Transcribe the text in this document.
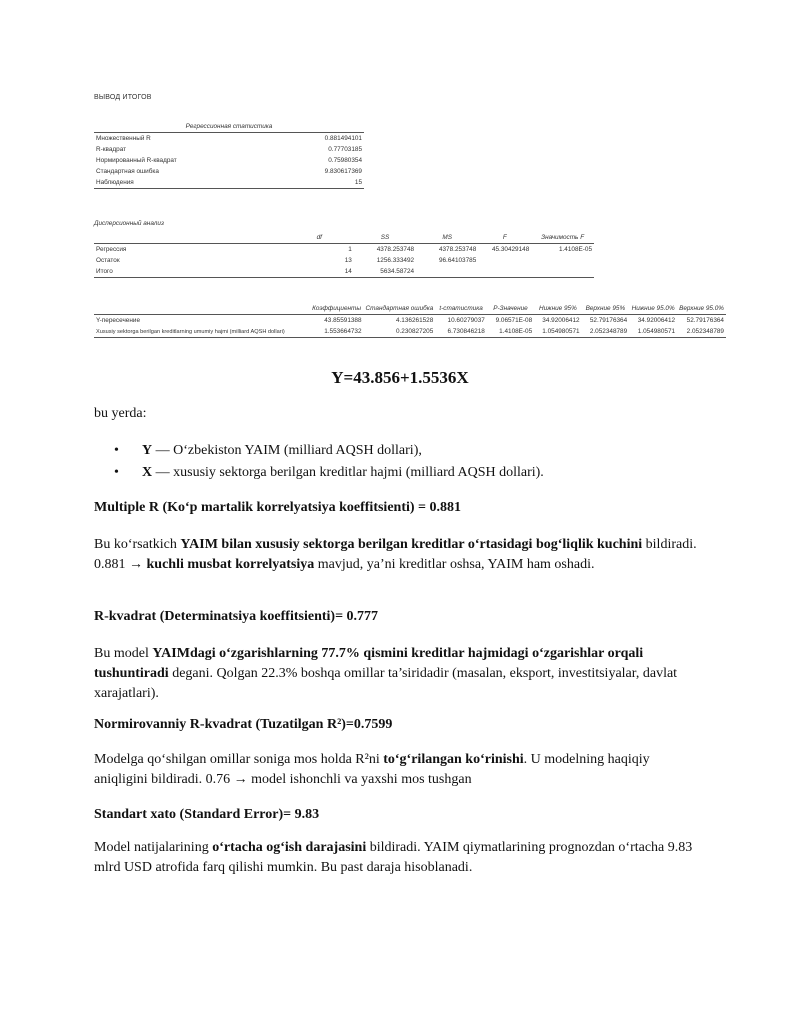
ВЫВОД ИТОГОВ
Регрессионная статистика	
Множественный R	0.881494101
R-квадрат	0.77703185
Нормированный R-квадрат	0.75980354
Стандартная ошибка	9.830617369
Наблюдения	15
Дисперсионный анализ
	df	SS	MS	F	Значимость F
Регрессия	1	4378.253748	4378.253748	45.30429148	1.4108E-05
Остаток	13	1256.333492	96.64103785		
Итого	14	5634.58724			
	Коэффициенты	Стандартная ошибка	t-статистика	P-Значение	Нижние 95%	Верхние 95%	Нижние 95.0%	Верхние 95.0%
Y-пересечение	43.85591388	4.136261528	10.60279037	9.06571E-08	34.92006412	52.79176364	34.92006412	52.79176364
Xususiy sektorga berilgan kreditlarning umumiy hajmi (milliard AQSH dollari)	1.553664732	0.230827205	6.730846218	1.4108E-05	1.054980571	2.052348789	1.054980571	2.052348789
Y=43.856+1.5536X
bu yerda:
• Y — O‘zbekiston YAIM (milliard AQSH dollari),
• X — xususiy sektorga berilgan kreditlar hajmi (milliard AQSH dollari).
Multiple R (Ko‘p martalik korrelyatsiya koeffitsienti) = 0.881

Bu ko‘rsatkich YAIM bilan xususiy sektorga berilgan kreditlar o‘rtasidagi bog‘liqlik kuchini bildiradi. 0.881 → kuchli musbat korrelyatsiya mavjud, ya’ni kreditlar oshsa, YAIM ham oshadi.

R-kvadrat (Determinatsiya koeffitsienti)= 0.777

Bu model YAIMdagi o‘zgarishlarning 77.7% qismini kreditlar hajmidagi o‘zgarishlar orqali tushuntiradi degani. Qolgan 22.3% boshqa omillar ta’siridadir (masalan, eksport, investitsiyalar, davlat xarajatlari).

Normirovanniy R-kvadrat (Tuzatilgan R²)=0.7599

Modelga qo‘shilgan omillar soniga mos holda R²ni to‘g‘rilangan ko‘rinishi. U modelning haqiqiy aniqligini bildiradi. 0.76 → model ishonchli va yaxshi mos tushgan

Standart xato (Standard Error)= 9.83

Model natijalarining o‘rtacha og‘ish darajasini bildiradi. YAIM qiymatlarining prognozdan o‘rtacha 9.83 mlrd USD atrofida farq qilishi mumkin. Bu past daraja hisoblanadi.
